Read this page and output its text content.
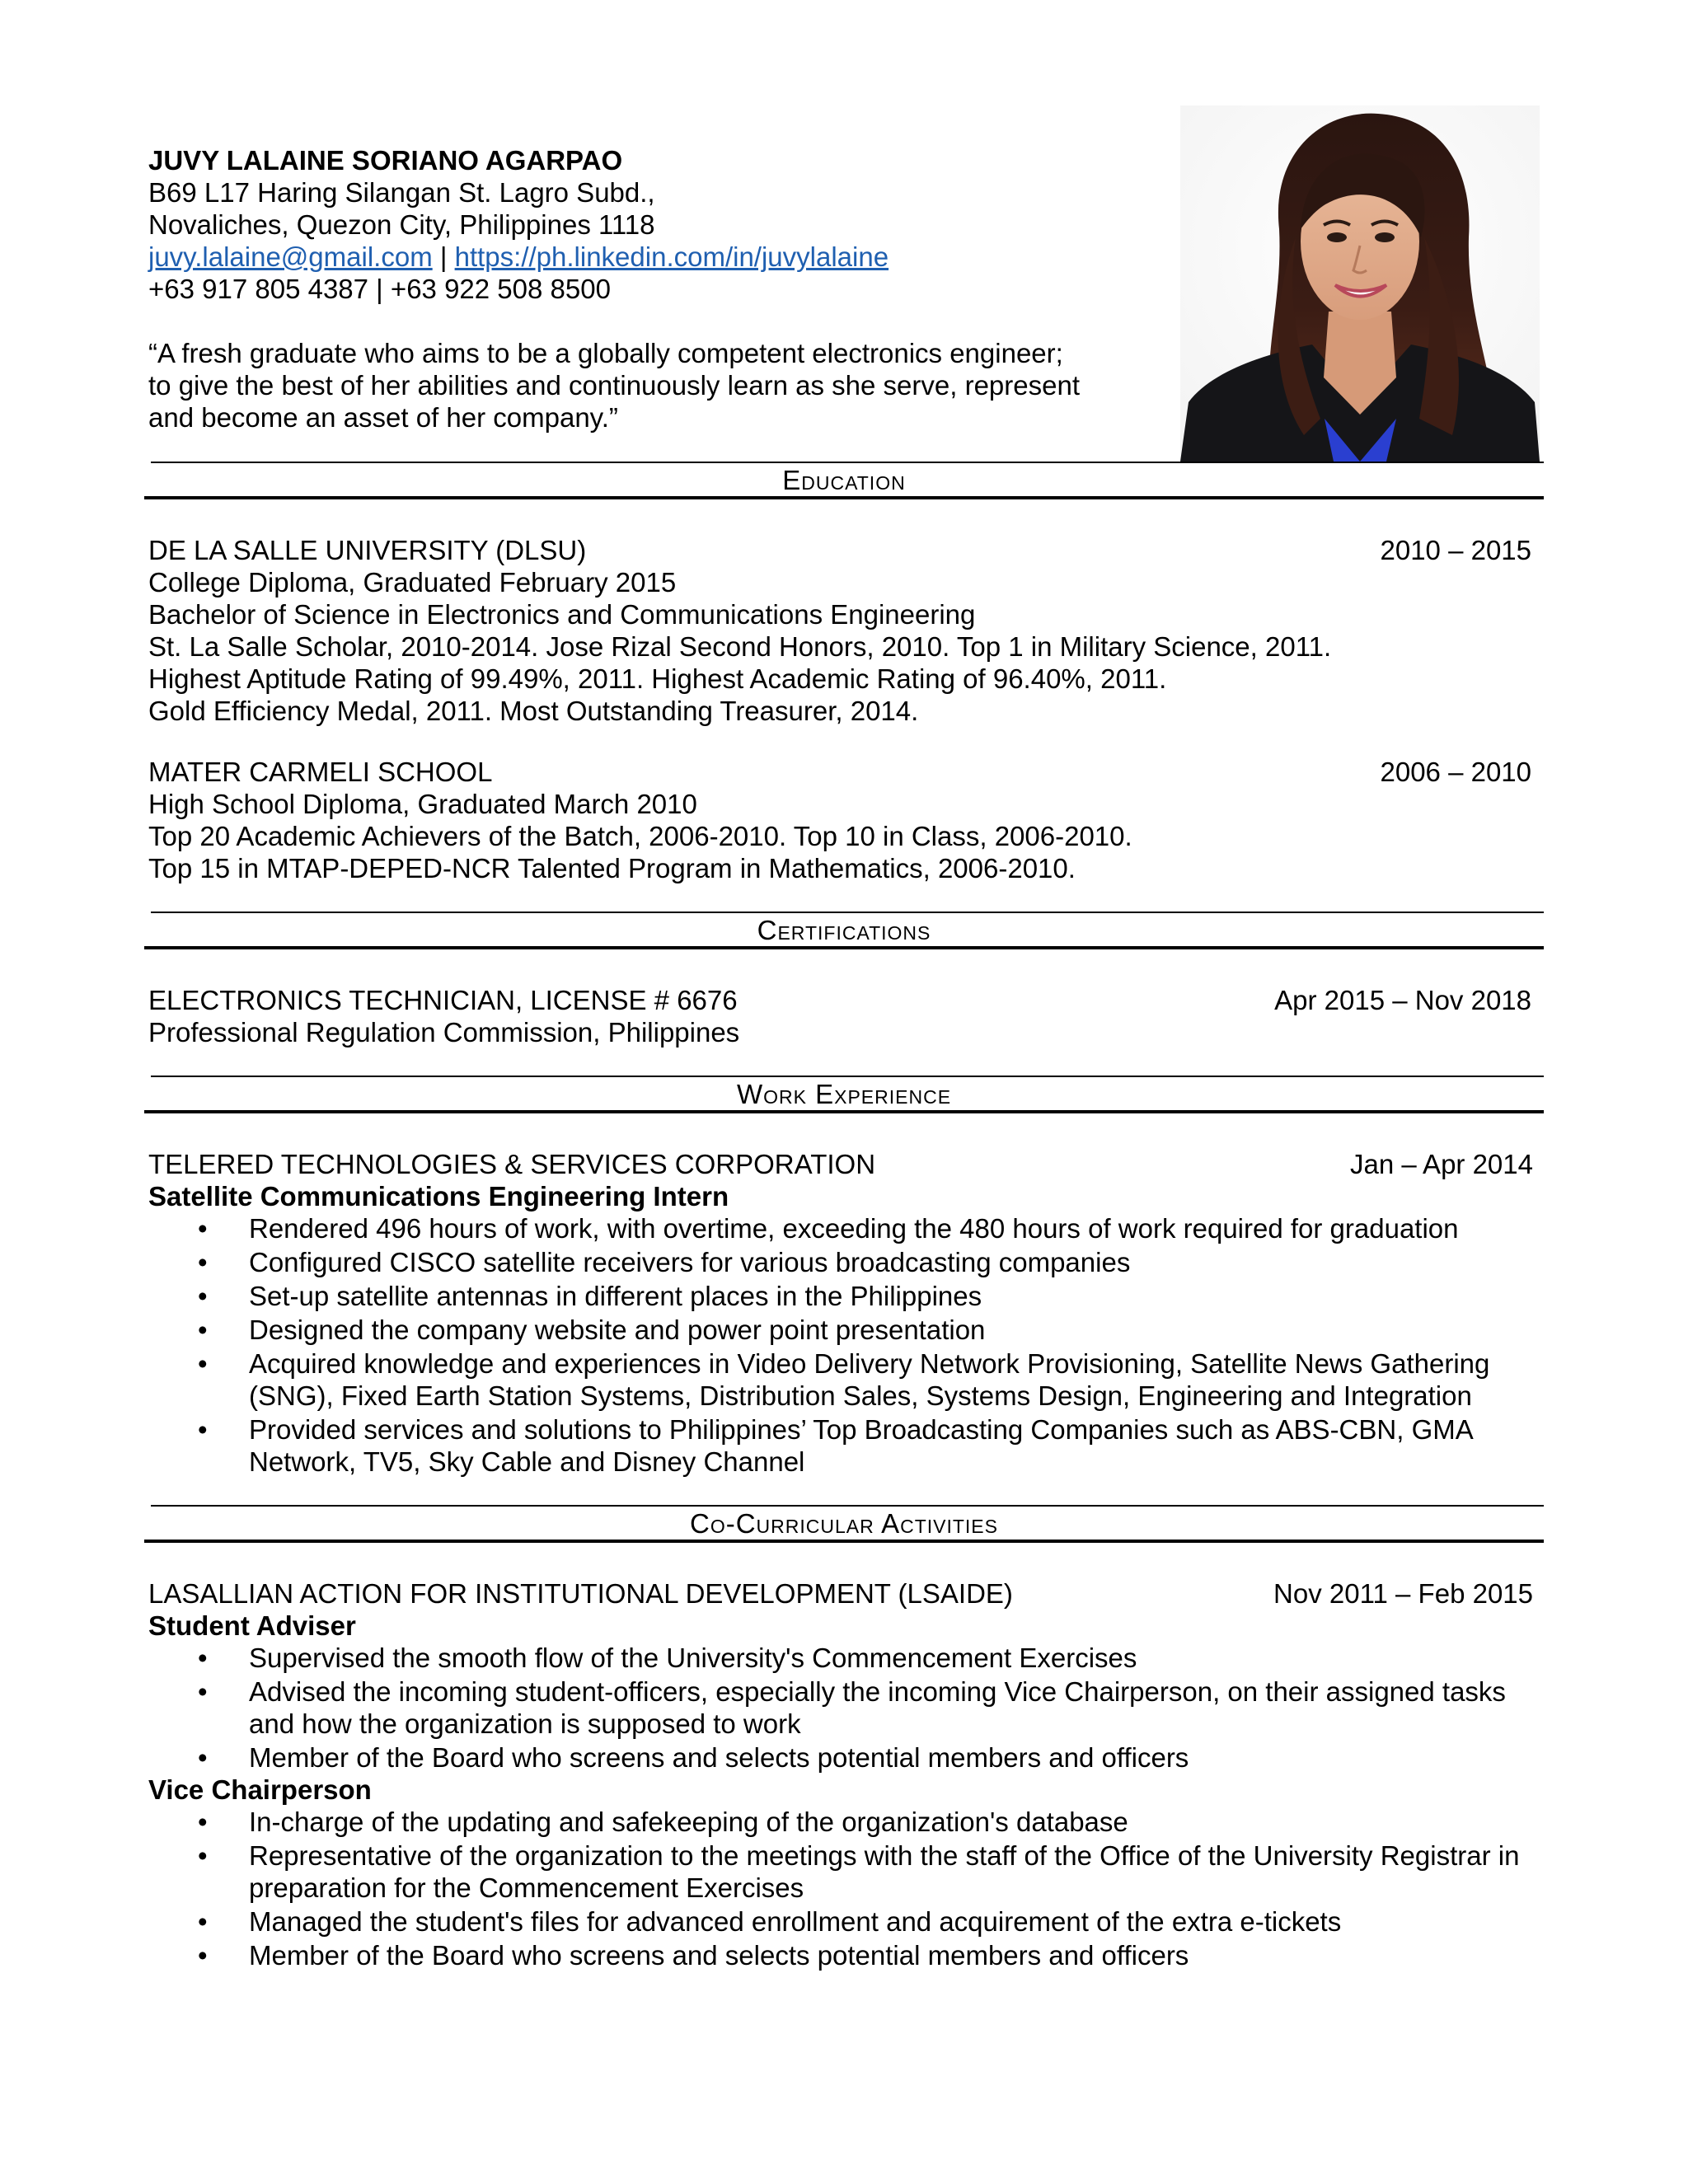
JUVY LALAINE SORIANO AGARPAO
B69 L17 Haring Silangan St. Lagro Subd.,
Novaliches, Quezon City, Philippines 1118
juvy.lalaine@gmail.com | https://ph.linkedin.com/in/juvylalaine
+63 917 805 4387 | +63 922 508 8500
“A fresh graduate who aims to be a globally competent electronics engineer;
to give the best of her abilities and continuously learn as she serve, represent
and become an asset of her company.”
Education
DE LA SALLE UNIVERSITY (DLSU)	2010 – 2015
College Diploma, Graduated February 2015
Bachelor of Science in Electronics and Communications Engineering
St. La Salle Scholar, 2010-2014. Jose Rizal Second Honors, 2010. Top 1 in Military Science, 2011.
Highest Aptitude Rating of 99.49%, 2011. Highest Academic Rating of 96.40%, 2011.
Gold Efficiency Medal, 2011. Most Outstanding Treasurer, 2014.
MATER CARMELI SCHOOL	2006 – 2010
High School Diploma, Graduated March 2010
Top 20 Academic Achievers of the Batch, 2006-2010. Top 10 in Class, 2006-2010.
Top 15 in MTAP-DEPED-NCR Talented Program in Mathematics, 2006-2010.
Certifications
ELECTRONICS TECHNICIAN, LICENSE # 6676	Apr 2015 – Nov 2018
Professional Regulation Commission, Philippines
Work Experience
TELERED TECHNOLOGIES & SERVICES CORPORATION	Jan – Apr 2014
Satellite Communications Engineering Intern
• Rendered 496 hours of work, with overtime, exceeding the 480 hours of work required for graduation
• Configured CISCO satellite receivers for various broadcasting companies
• Set-up satellite antennas in different places in the Philippines
• Designed the company website and power point presentation
• Acquired knowledge and experiences in Video Delivery Network Provisioning, Satellite News Gathering (SNG), Fixed Earth Station Systems, Distribution Sales, Systems Design, Engineering and Integration
• Provided services and solutions to Philippines’ Top Broadcasting Companies such as ABS-CBN, GMA Network, TV5, Sky Cable and Disney Channel
Co-Curricular Activities
LASALLIAN ACTION FOR INSTITUTIONAL DEVELOPMENT (LSAIDE)	Nov 2011 – Feb 2015
Student Adviser
• Supervised the smooth flow of the University's Commencement Exercises
• Advised the incoming student-officers, especially the incoming Vice Chairperson, on their assigned tasks and how the organization is supposed to work
• Member of the Board who screens and selects potential members and officers
Vice Chairperson
• In-charge of the updating and safekeeping of the organization's database
• Representative of the organization to the meetings with the staff of the Office of the University Registrar in preparation for the Commencement Exercises
• Managed the student's files for advanced enrollment and acquirement of the extra e-tickets
• Member of the Board who screens and selects potential members and officers
